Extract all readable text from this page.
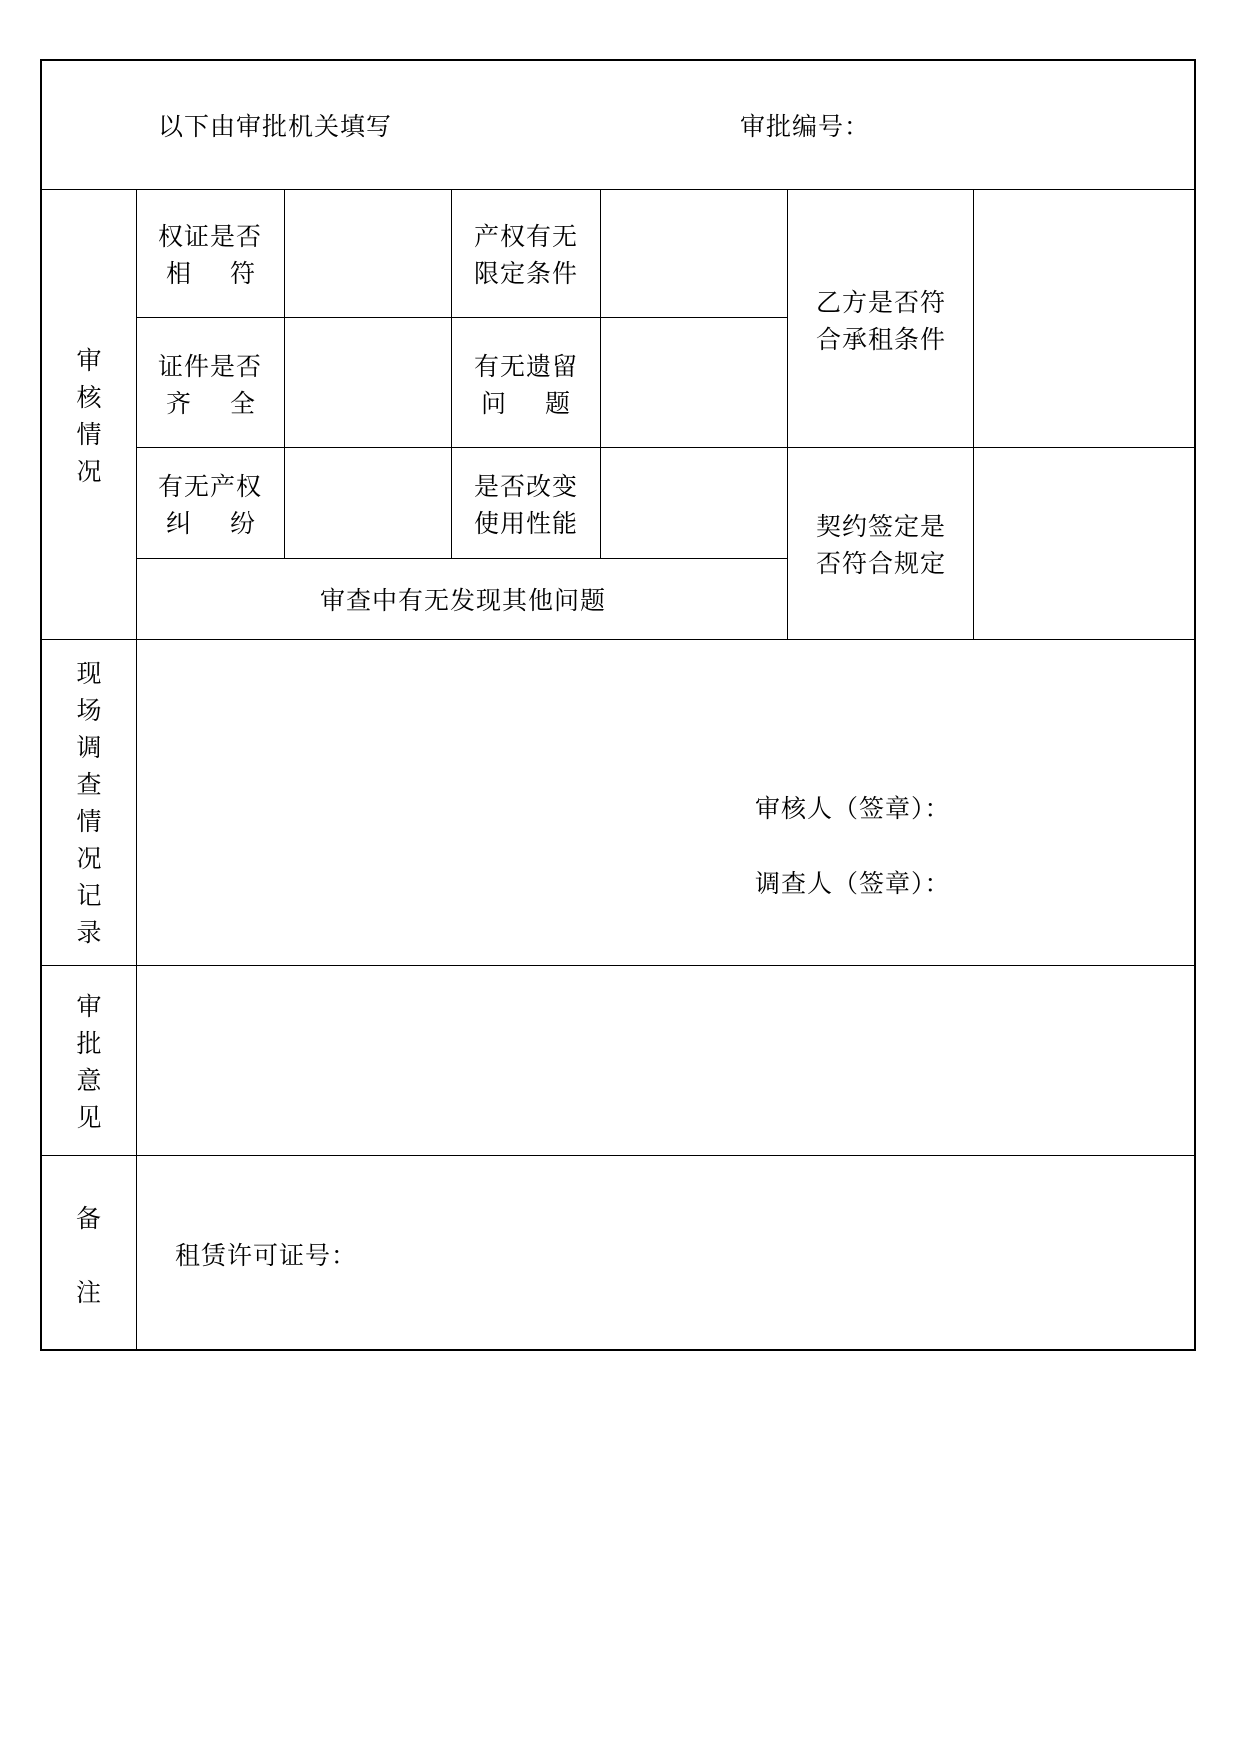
以下由审批机关填写	审批编号：
审
核
情
况
权证是否
相 符
产权有无
限定条件
证件是否
齐 全
有无遗留
问 题
乙方是否符
合承租条件
有无产权
纠 纷
是否改变
使用性能	契约签定是
否符合规定
审查中有无发现其他问题
现
场
调
查
情
况
记
录
审核人（签章）：
调查人（签章）：
审
批
意
见
备
注
租赁许可证号：
